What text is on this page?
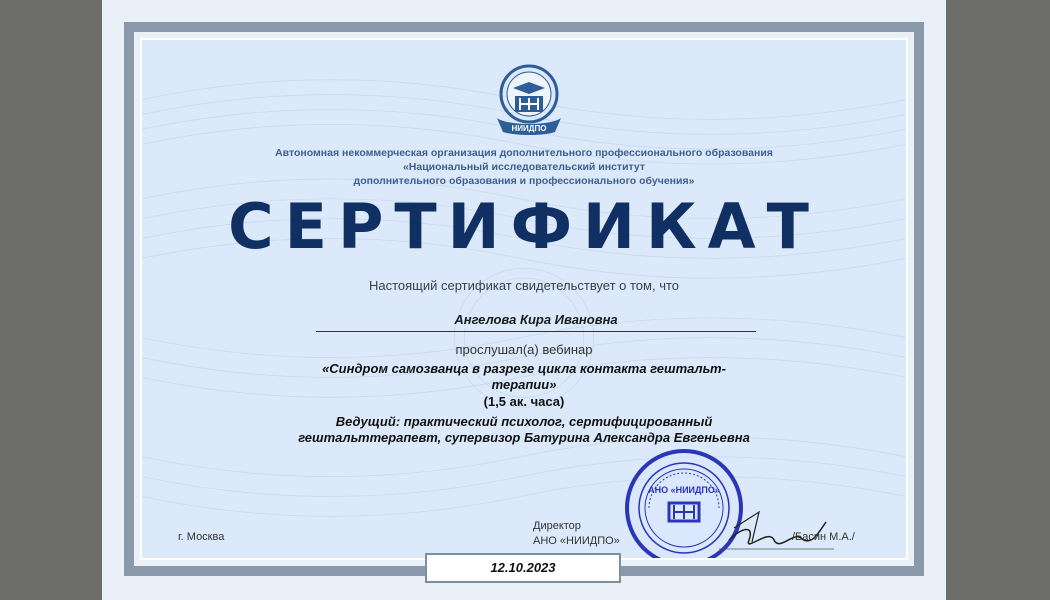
НИИДПО
Автономная некоммерческая организация дополнительного профессионального образования
«Национальный исследовательский институт
дополнительного образования и профессионального обучения»
СЕРТИФИКАТ
Настоящий сертификат свидетельствует о том, что
Ангелова Кира Ивановна
прослушал(а) вебинар
«Синдром самозванца в разрезе цикла контакта гештальт-
терапии»
(1,5 ак. часа)
Ведущий: практический психолог, сертифицированный
гештальттерапевт, супервизор Батурина Александра Евгеньевна
г. Москва
Директор
АНО «НИИДПО»
АНО «НИИДПО»
/Басин М.А./
12.10.2023
